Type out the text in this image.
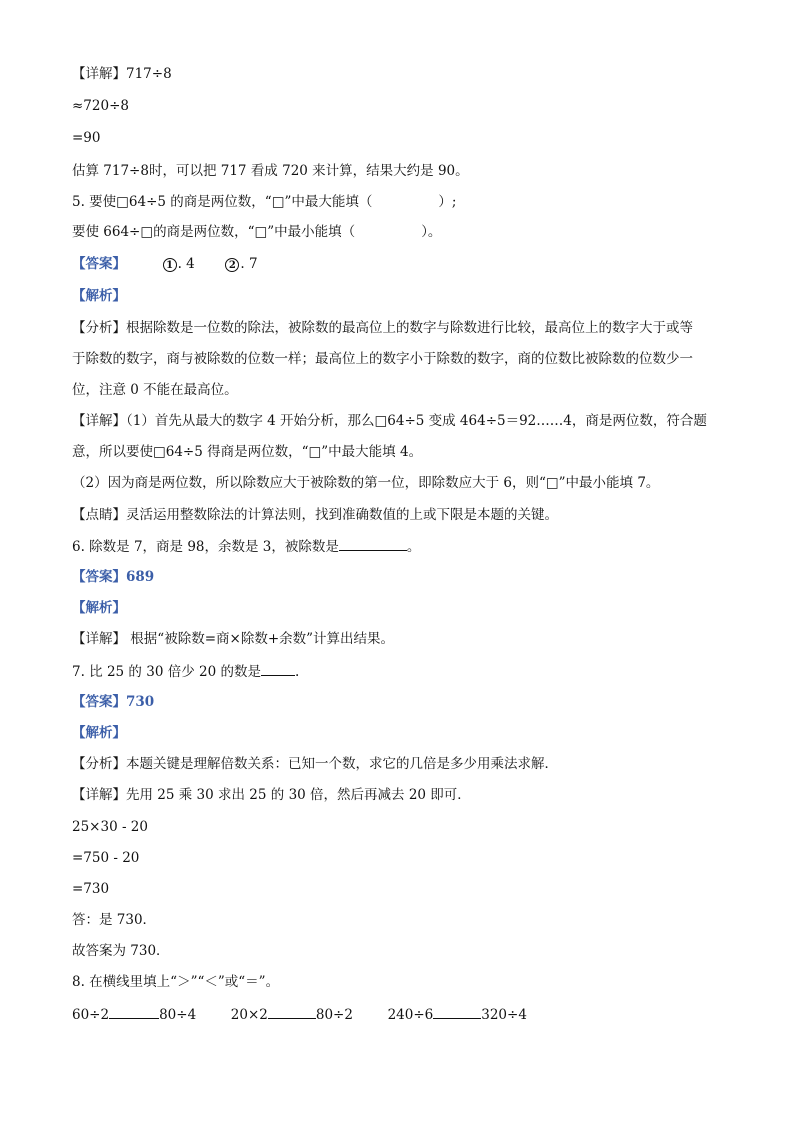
【详解】717÷8
≈720÷8
=90
估算 717÷8时，可以把 717 看成 720 来计算，结果大约是 90。
5. 要使□64÷5 的商是两位数，“□”中最大能填（	）;
要使 664÷□的商是两位数，“□”中最小能填（	）。
【答案】	1 . 4	2 . 7
【解析】
【分析】根据除数是一位数的除法，被除数的最高位上的数字与除数进行比较，最高位上的数字大于或等
于除数的数字，商与被除数的位数一样；最高位上的数字小于除数的数字，商的位数比被除数的位数少一
位，注意 0 不能在最高位。
【详解】（1）首先从最大的数字 4 开始分析，那么□64÷5 变成 464÷5＝92……4，商是两位数，符合题
意，所以要使□64÷5 得商是两位数，“□”中最大能填 4。
（2）因为商是两位数，所以除数应大于被除数的第一位，即除数应大于 6，则“□”中最小能填 7。
【点睛】灵活运用整数除法的计算法则，找到准确数值的上或下限是本题的关键。
6. 除数是 7，商是 98，余数是 3，被除数是	。
【答案】689
【解析】
【详解】 根据“被除数=商×除数+余数”计算出结果。
7. 比 25 的 30 倍少 20 的数是	.
【答案】730
【解析】
【分析】本题关键是理解倍数关系：已知一个数，求它的几倍是多少用乘法求解．
【详解】先用 25 乘 30 求出 25 的 30 倍，然后再减去 20 即可．
25×30 - 20
=750 - 20
=730
答：是 730．
故答案为 730．
8. 在横线里填上“＞”“＜”或“＝”。
60÷2	80÷4	20×2	80÷2	240÷6	320÷4
